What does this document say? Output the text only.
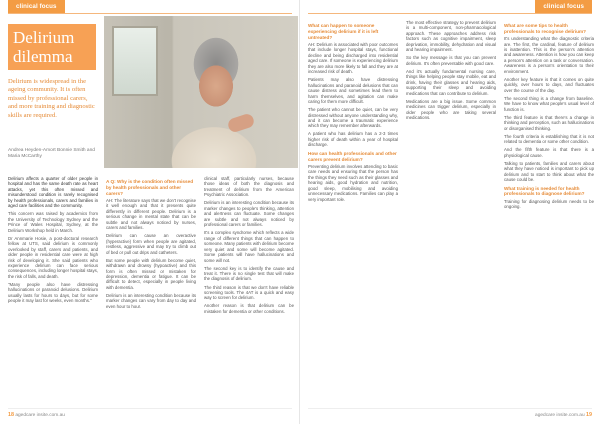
clinical focus
Delirium dilemma
Delirium is widespread in the ageing community. It is often missed by professional carers, and more training and diagnostic skills are required.
Andrea Heyden-Amort Bonnie Smith and Maria McCarthy

Delirium affects a quarter of older people in hospital and has the same death rate as heart attacks, yet this often missed and misunderstood condition is rarely recognised by health professionals, carers and families in aged care facilities and the community.

This concern was raised by academics from the University of Technology Sydney and the Prince of Wales Hospital, Sydney, at the Delirium Workshop held in March.

Dr Annmarie Hosie, a post-doctoral research fellow at UTS, said delirium is commonly overlooked by staff, carers and patients, and older people in residential care were at high risk of developing it. She said patients who experience delirium can face serious consequences, including longer hospital stays, the risk of falls, and death.

"Many people also have distressing hallucinations or paranoid delusions. Delirium usually lasts for hours to days, but for some people it may last for weeks, even months."

A Q: Why is the condition often missed by health professionals and other carers?

AH: The literature says that we don't recognise it well enough and that it presents quite differently in different people. Delirium is a serious change in mental state that can be subtle and not always noticed by nurses, carers and families.

Delirium can cause an overactive (hyperactive) form when people are agitated, restless, aggressive and may try to climb out of bed or pull out drips and catheters.

But some people with delirium become quiet, withdrawn and drowsy (hypoactive) and this form is often missed or mistaken for depression, dementia or fatigue. It can be difficult to detect, especially in people living with dementia.

Delirium is an interesting condition because its marker changes can vary from day to day and even hour to hour.

clinical staff, particularly nurses, because those ideas of both the diagnosis and treatment of delirium from the American Psychiatric Association.

Delirium is an interesting condition because its marker changes to people's thinking, attention and alertness can fluctuate. Some changes are subtle and not always noticed by professional carers or families.

It's a complex syndrome which reflects a wide range of different things that can happen to someone. Many patients with delirium become very quiet and some will become agitated. Some patients will have hallucinations and some will not.

The second key is to identify the cause and treat it. There is no single test that will make the diagnosis of delirium.

The third reason is that we don't have reliable screening tools. The 4AT is a quick and easy way to screen for delirium.

Another reason is that delirium can be mistaken for dementia or other conditions.

18 agedcare insite.com.au
clinical focus
What can happen to someone experiencing delirium if it is left untreated?

AH: Delirium is associated with poor outcomes that include longer hospital stays, functional decline and being discharged into residential aged care. If someone is experiencing delirium they are also more likely to fall and they are at increased risk of death.

Patients may also have distressing hallucinations and paranoid delusions that can cause distress and sometimes lead them to harm themselves, and agitation can make caring for them more difficult.

The patient who cannot be quiet, can be very distressed without anyone understanding why, and it can become a traumatic experience which they may remember afterwards.

A patient who has delirium has a 2-3 times higher risk of death within a year of hospital discharge.

How can health professionals and other carers prevent delirium?

Preventing delirium involves attending to basic care needs and ensuring that the person has the things they need such as their glasses and hearing aids, good hydration and nutrition, good sleep, mobilising and avoiding unnecessary medications. Families can play a very important role.

The most effective strategy to prevent delirium is a multi-component, non-pharmacological approach. These approaches address risk factors such as cognitive impairment, sleep deprivation, immobility, dehydration and visual and hearing impairment.

So the key message is that you can prevent delirium. It's often preventable with good care.

And it's actually fundamental nursing care, things like helping people stay mobile, eat and drink, having their glasses and hearing aids, supporting their sleep and avoiding medications that can contribute to delirium.

Medications are a big issue. Some common medicines can trigger delirium, especially in older people who are taking several medications.

What are some tips to health professionals to recognise delirium?

It's understanding what the diagnostic criteria are. The first, the cardinal, feature of delirium is inattention. This is the person's attention and awareness. Attention is how you can keep a person's attention on a task or conversation. Awareness is a person's orientation to their environment.

Another key feature is that it comes on quite quickly, over hours to days, and fluctuates over the course of the day.

The second thing is a change from baseline. We have to know what people's usual level of function is.

The third feature is that there's a change in thinking and perception, such as hallucinations or disorganised thinking.

The fourth criteria is establishing that it is not related to dementia or some other condition.

And the fifth feature is that there is a physiological cause.

Talking to patients, families and carers about what they have noticed is important to pick up delirium and to start to think about what the cause could be.

What training is needed for health professionals to diagnose delirium?

Training for diagnosing delirium needs to be ongoing.

agedcare insite.com.au 19
